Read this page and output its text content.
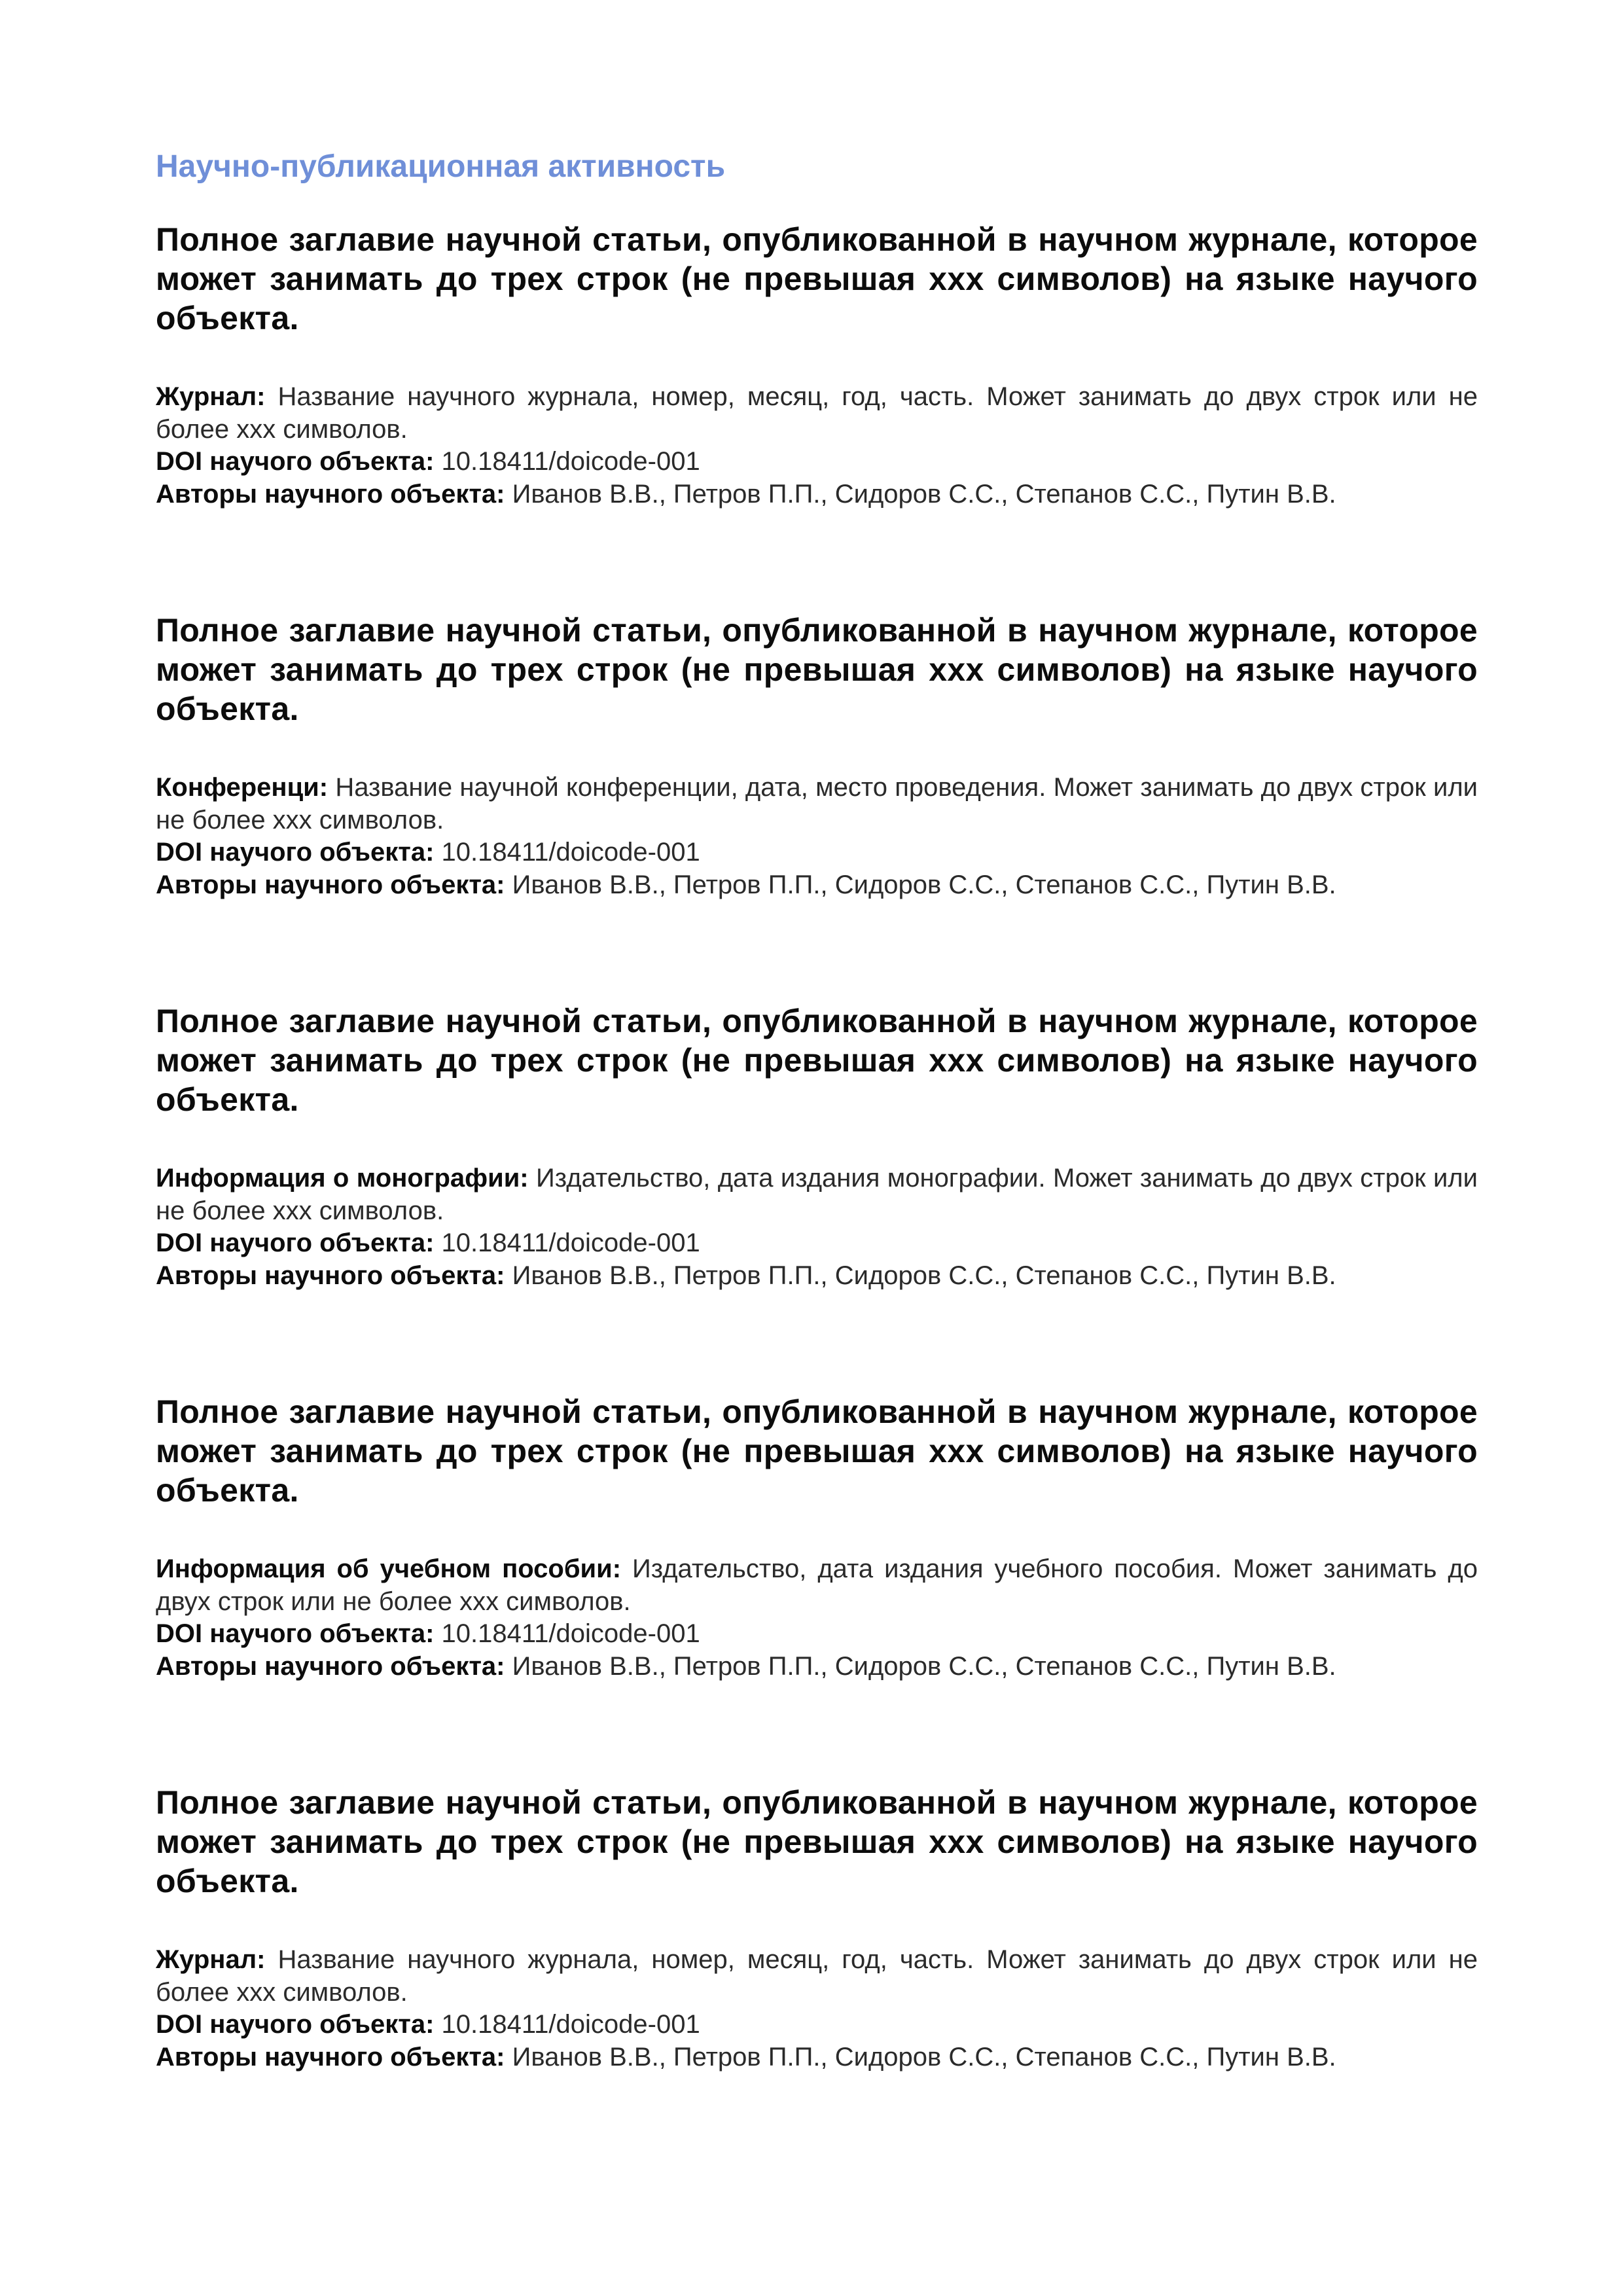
Научно-публикационная активность

Полное заглавие научной статьи, опубликованной в научном журнале, которое может занимать до трех строк (не превышая ххх символов) на языке научого объекта.

Журнал: Название научного журнала, номер, месяц, год, часть. Может занимать до двух строк или не более ххх символов.

DOI научого объекта: 10.18411/doicode-001

Авторы научного объекта: Иванов В.В., Петров П.П., Сидоров С.С., Степанов С.С., Путин В.В.

Полное заглавие научной статьи, опубликованной в научном журнале, которое может занимать до трех строк (не превышая ххх символов) на языке научого объекта.

Конференци: Название научной конференции, дата, место проведения. Может занимать до двух строк или не более ххх символов.

DOI научого объекта: 10.18411/doicode-001

Авторы научного объекта: Иванов В.В., Петров П.П., Сидоров С.С., Степанов С.С., Путин В.В.

Полное заглавие научной статьи, опубликованной в научном журнале, которое может занимать до трех строк (не превышая ххх символов) на языке научого объекта.

Информация о монографии: Издательство, дата издания монографии. Может занимать до двух строк или не более ххх символов.

DOI научого объекта: 10.18411/doicode-001

Авторы научного объекта: Иванов В.В., Петров П.П., Сидоров С.С., Степанов С.С., Путин В.В.

Полное заглавие научной статьи, опубликованной в научном журнале, которое может занимать до трех строк (не превышая ххх символов) на языке научого объекта.

Информация об учебном пособии: Издательство, дата издания учебного пособия. Может занимать до двух строк или не более ххх символов.

DOI научого объекта: 10.18411/doicode-001

Авторы научного объекта: Иванов В.В., Петров П.П., Сидоров С.С., Степанов С.С., Путин В.В.

Полное заглавие научной статьи, опубликованной в научном журнале, которое может занимать до трех строк (не превышая ххх символов) на языке научого объекта.

Журнал: Название научного журнала, номер, месяц, год, часть. Может занимать до двух строк или не более ххх символов.

DOI научого объекта: 10.18411/doicode-001

Авторы научного объекта: Иванов В.В., Петров П.П., Сидоров С.С., Степанов С.С., Путин В.В.
